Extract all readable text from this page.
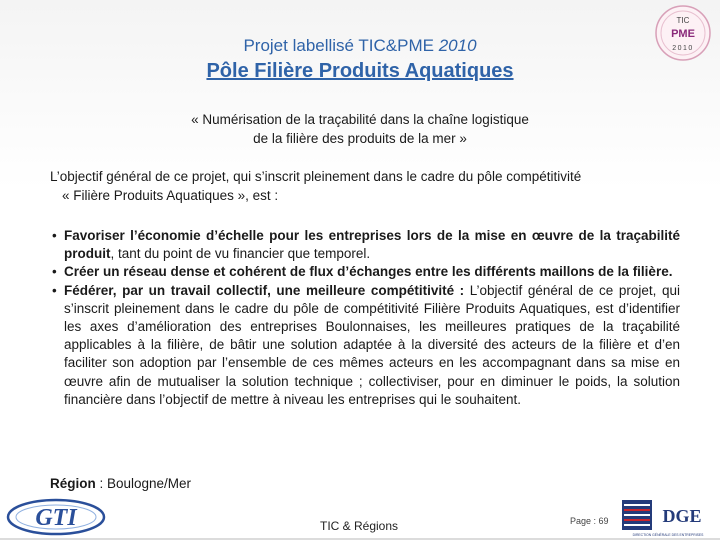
TIC
PME
2010
Projet labellisé TIC&PME 2010
Pôle Filière Produits Aquatiques
« Numérisation de la traçabilité dans la chaîne logistique
de la filière des produits de la mer »
L’objectif général de ce projet, qui s’inscrit pleinement dans le cadre du pôle compétitivité
« Filière Produits Aquatiques », est :
• Favoriser l’économie d’échelle pour les entreprises lors de la mise en œuvre de la traçabilité produit, tant du point de vu financier que temporel.
• Créer un réseau dense et cohérent de flux d’échanges entre les différents maillons de la filière.
• Fédérer, par un travail collectif, une meilleure compétitivité : L’objectif général de ce projet, qui s’inscrit pleinement dans le cadre du pôle de compétitivité Filière Produits Aquatiques, est d’identifier les axes d’amélioration des entreprises Boulonnaises, les meilleures pratiques de la traçabilité applicables à la filière, de bâtir une solution adaptée à la diversité des acteurs de la filière et d’en faciliter son adoption par l’ensemble de ces mêmes acteurs en les accompagnant dans sa mise en œuvre afin de mutualiser la solution technique ; collectiviser, pour en diminuer le poids, la solution financière dans l’objectif de mettre à niveau les entreprises qui le souhaitent.
Région : Boulogne/Mer
GTI	TIC & Régions	Page : 69	DGE
DIRECTION GÉNÉRALE DES ENTREPRISES
